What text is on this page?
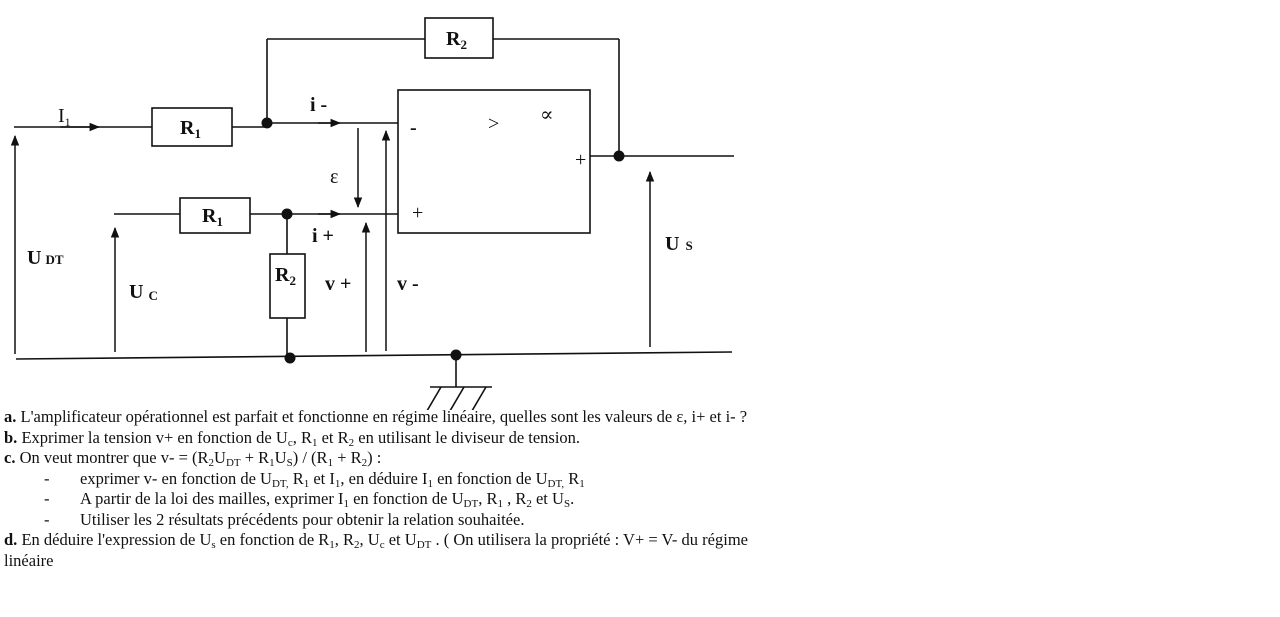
$R_1$
$R_2$
$R_1$
$R_2$
$I_1$
i -
i +
ε
UDT
U C
v + v -
U S
-
+
+
> ∝
a. L'amplificateur opérationnel est parfait et fonctionne en régime linéaire, quelles sont les valeurs de ε, i+ et i- ?
b. Exprimer la tension v+ en fonction de $U_c$, $R_1$ et $R_2$ en utilisant le diviseur de tension.
c. On veut montrer que $v- = (R_2U_{DT} + R_1U_S) / (R_1 + R_2)$ :
- exprimer v- en fonction de $U_{DT,}$ $R_1$ et $I_1$, en déduire $I_1$ en fonction de $U_{DT,}$ $R_1$
- A partir de la loi des mailles, exprimer $I_1$ en fonction de $U_{DT}$, $R_1$ , $R_2$ et $U_S$.
- Utiliser les 2 résultats précédents pour obtenir la relation souhaitée.
d. En déduire l'expression de $U_s$ en fonction de $R_1$, $R_2$, $U_c$ et $U_{DT}$ . ( On utilisera la propriété : V+ = V- du régime
linéaire
